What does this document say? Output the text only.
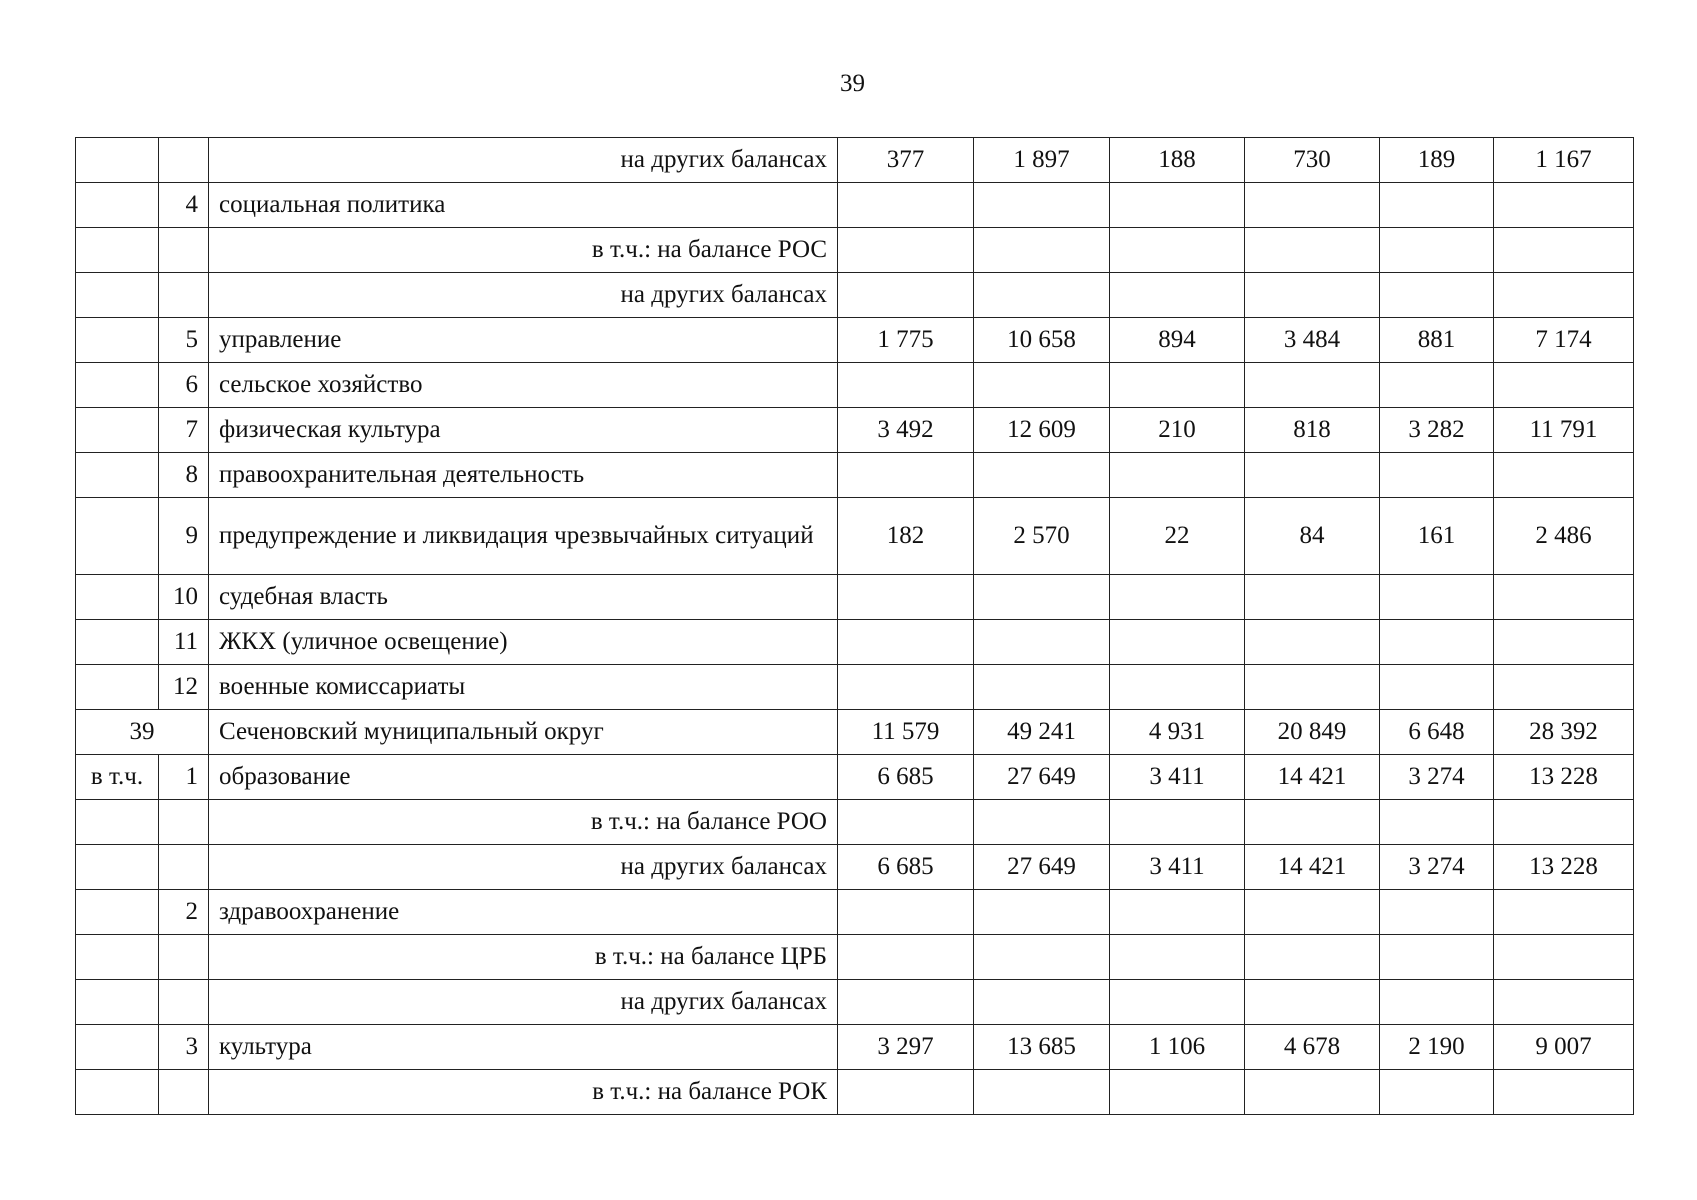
39
		на других балансах	377	1 897	188	730	189	1 167
	4	социальная политика						
		в т.ч.: на балансе РОС						
		на других балансах						
	5	управление	1 775	10 658	894	3 484	881	7 174
	6	сельское хозяйство						
	7	физическая культура	3 492	12 609	210	818	3 282	11 791
	8	правоохранительная деятельность						
	9	предупреждение и ликвидация чрезвычайных ситуаций	182	2 570	22	84	161	2 486
	10	судебная власть						
	11	ЖКХ (уличное освещение)						
	12	военные комиссариаты						
39		Сеченовский муниципальный округ	11 579	49 241	4 931	20 849	6 648	28 392
в т.ч.	1	образование	6 685	27 649	3 411	14 421	3 274	13 228
		в т.ч.: на балансе РОО						
		на других балансах	6 685	27 649	3 411	14 421	3 274	13 228
	2	здравоохранение						
		в т.ч.: на балансе ЦРБ						
		на других балансах						
	3	культура	3 297	13 685	1 106	4 678	2 190	9 007
		в т.ч.: на балансе РОК						
